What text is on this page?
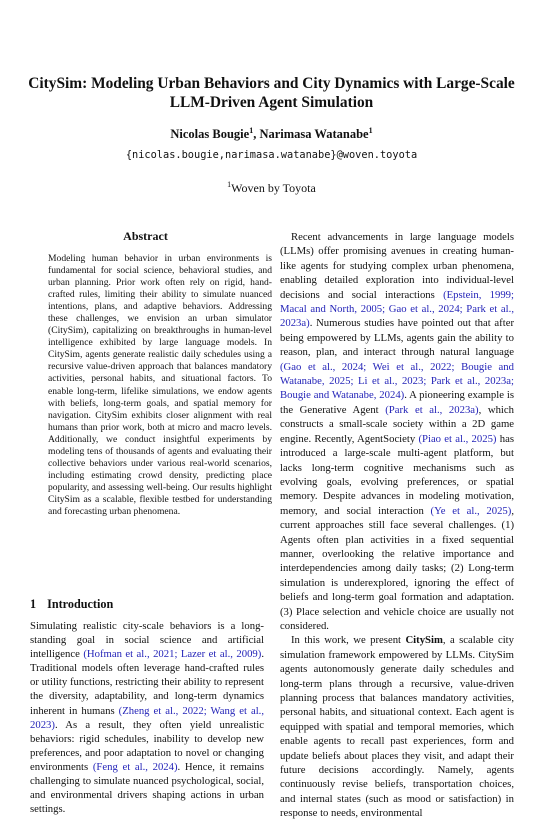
CitySim: Modeling Urban Behaviors and City Dynamics with Large-Scale LLM-Driven Agent Simulation
Nicolas Bougie$^1$, Narimasa Watanabe$^1$
{nicolas.bougie,narimasa.watanabe}@woven.toyota
$^1$Woven by Toyota
Abstract

Modeling human behavior in urban environments is fundamental for social science, behavioral studies, and urban planning. Prior work often rely on rigid, hand-crafted rules, limiting their ability to simulate nuanced intentions, plans, and adaptive behaviors. Addressing these challenges, we envision an urban simulator (CitySim), capitalizing on breakthroughs in human-level intelligence exhibited by large language models. In CitySim, agents generate realistic daily schedules using a recursive value-driven approach that balances mandatory activities, personal habits, and situational factors. To enable long-term, lifelike simulations, we endow agents with beliefs, long-term goals, and spatial memory for navigation. CitySim exhibits closer alignment with real humans than prior work, both at micro and macro levels. Additionally, we conduct insightful experiments by modeling tens of thousands of agents and evaluating their collective behaviors under various real-world scenarios, including estimating crowd density, predicting place popularity, and assessing well-being. Our results highlight CitySim as a scalable, flexible testbed for understanding and forecasting urban phenomena.

1 Introduction

Simulating realistic city-scale behaviors is a long-standing goal in social science and artificial intelligence (Hofman et al., 2021; Lazer et al., 2009). Traditional models often leverage hand-crafted rules or utility functions, restricting their ability to represent the diversity, adaptability, and long-term dynamics inherent in humans (Zheng et al., 2022; Wang et al., 2023). As a result, they often yield unrealistic behaviors: rigid schedules, inability to develop new preferences, and poor adaptation to novel or changing environments (Feng et al., 2024). Hence, it remains challenging to simulate nuanced psychological, social, and environmental drivers shaping actions in urban settings.

Recent advancements in large language models (LLMs) offer promising avenues in creating human-like agents for studying complex urban phenomena, enabling detailed exploration into individual-level decisions and social interactions (Epstein, 1999; Macal and North, 2005; Gao et al., 2024; Park et al., 2023a). Numerous studies have pointed out that after being empowered by LLMs, agents gain the ability to reason, plan, and interact through natural language (Gao et al., 2024; Wei et al., 2022; Bougie and Watanabe, 2025; Li et al., 2023; Park et al., 2023a; Bougie and Watanabe, 2024). A pioneering example is the Generative Agent (Park et al., 2023a), which constructs a small-scale society within a 2D game engine. Recently, AgentSociety (Piao et al., 2025) has introduced a large-scale multi-agent platform, but lacks long-term cognitive mechanisms such as evolving goals, evolving preferences, or spatial memory. Despite advances in modeling motivation, memory, and social interaction (Ye et al., 2025), current approaches still face several challenges. (1) Agents often plan activities in a fixed sequential manner, overlooking the relative importance and interdependencies among daily tasks; (2) Long-term simulation is underexplored, ignoring the effect of beliefs and long-term goal formation and adaptation. (3) Place selection and vehicle choice are usually not considered.

In this work, we present CitySim, a scalable city simulation framework empowered by LLMs. CitySim agents autonomously generate daily schedules and long-term plans through a recursive, value-driven planning process that balances mandatory activities, personal habits, and situational context. Each agent is equipped with spatial and temporal memories, which enable agents to recall past experiences, form and update beliefs about places they visit, and adapt their future decisions accordingly. Namely, agents continuously revise beliefs, transportation choices, and internal states (such as mood or satisfaction) in response to needs, environmental
